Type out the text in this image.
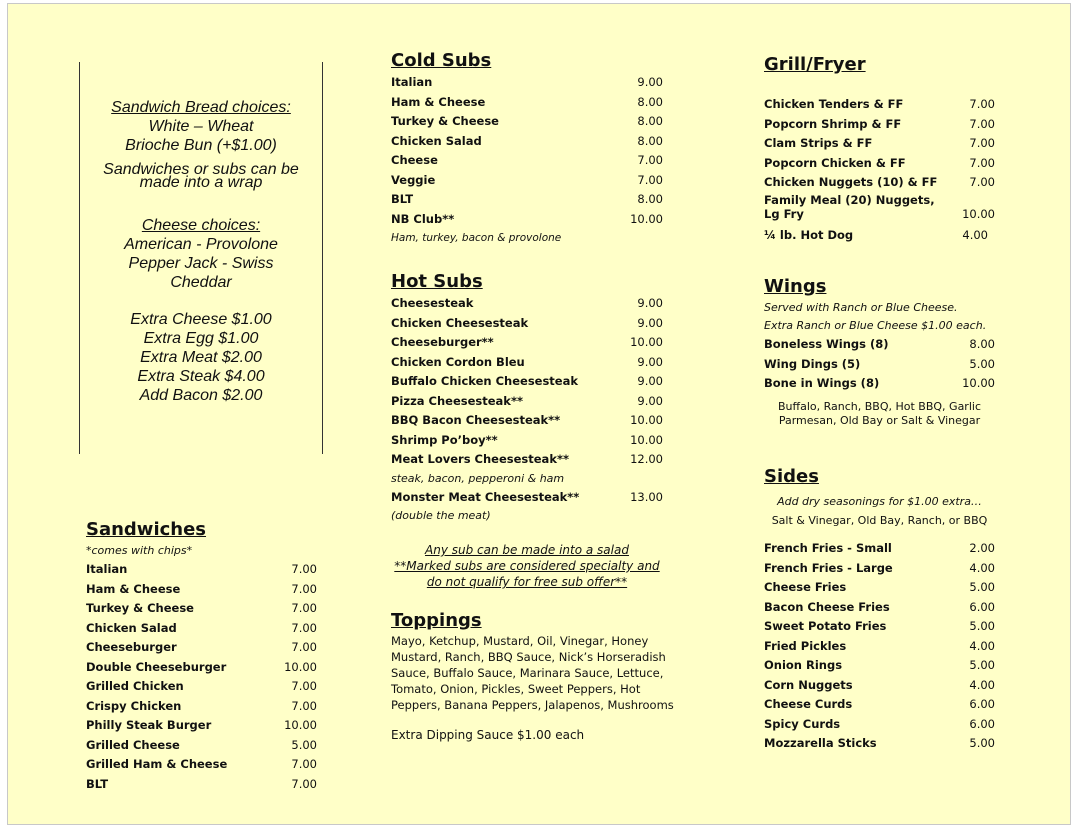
Sandwich Bread choices:
White – Wheat
Brioche Bun (+$1.00)
Sandwiches or subs can be
made into a wrap
Cheese choices:
American - Provolone
Pepper Jack - Swiss
Cheddar
Extra Cheese $1.00
Extra Egg $1.00
Extra Meat $2.00
Extra Steak $4.00
Add Bacon $2.00
Sandwiches
*comes with chips*
Italian	7.00
Ham & Cheese	7.00
Turkey & Cheese	7.00
Chicken Salad	7.00
Cheeseburger	7.00
Double Cheeseburger	10.00
Grilled Chicken	7.00
Crispy Chicken	7.00
Philly Steak Burger	10.00
Grilled Cheese	5.00
Grilled Ham & Cheese	7.00
BLT	7.00
Cold Subs
Italian	9.00
Ham & Cheese	8.00
Turkey & Cheese	8.00
Chicken Salad	8.00
Cheese	7.00
Veggie	7.00
BLT	8.00
NB Club**	10.00
Ham, turkey, bacon & provolone
Hot Subs
Cheesesteak	9.00
Chicken Cheesesteak	9.00
Cheeseburger**	10.00
Chicken Cordon Bleu	9.00
Buffalo Chicken Cheesesteak	9.00
Pizza Cheesesteak**	9.00
BBQ Bacon Cheesesteak**	10.00
Shrimp Po’boy**	10.00
Meat Lovers Cheesesteak**	12.00
steak, bacon, pepperoni & ham
Monster Meat Cheesesteak**	13.00
(double the meat)
Any sub can be made into a salad
**Marked subs are considered specialty and
do not qualify for free sub offer**
Toppings
Mayo, Ketchup, Mustard, Oil, Vinegar, Honey
Mustard, Ranch, BBQ Sauce, Nick’s Horseradish
Sauce, Buffalo Sauce, Marinara Sauce, Lettuce,
Tomato, Onion, Pickles, Sweet Peppers, Hot
Peppers, Banana Peppers, Jalapenos, Mushrooms
Extra Dipping Sauce $1.00 each
Grill/Fryer
Chicken Tenders & FF	7.00
Popcorn Shrimp & FF	7.00
Clam Strips & FF	7.00
Popcorn Chicken & FF	7.00
Chicken Nuggets (10) & FF	7.00
Family Meal (20) Nuggets,
Lg Fry	10.00
¼ lb. Hot Dog	4.00
Wings
Served with Ranch or Blue Cheese.
Extra Ranch or Blue Cheese $1.00 each.
Boneless Wings (8)	8.00
Wing Dings (5)	5.00
Bone in Wings (8)	10.00
Buffalo, Ranch, BBQ, Hot BBQ, Garlic
Parmesan, Old Bay or Salt & Vinegar
Sides
Add dry seasonings for $1.00 extra…
Salt & Vinegar, Old Bay, Ranch, or BBQ
French Fries - Small	2.00
French Fries - Large	4.00
Cheese Fries	5.00
Bacon Cheese Fries	6.00
Sweet Potato Fries	5.00
Fried Pickles	4.00
Onion Rings	5.00
Corn Nuggets	4.00
Cheese Curds	6.00
Spicy Curds	6.00
Mozzarella Sticks	5.00
